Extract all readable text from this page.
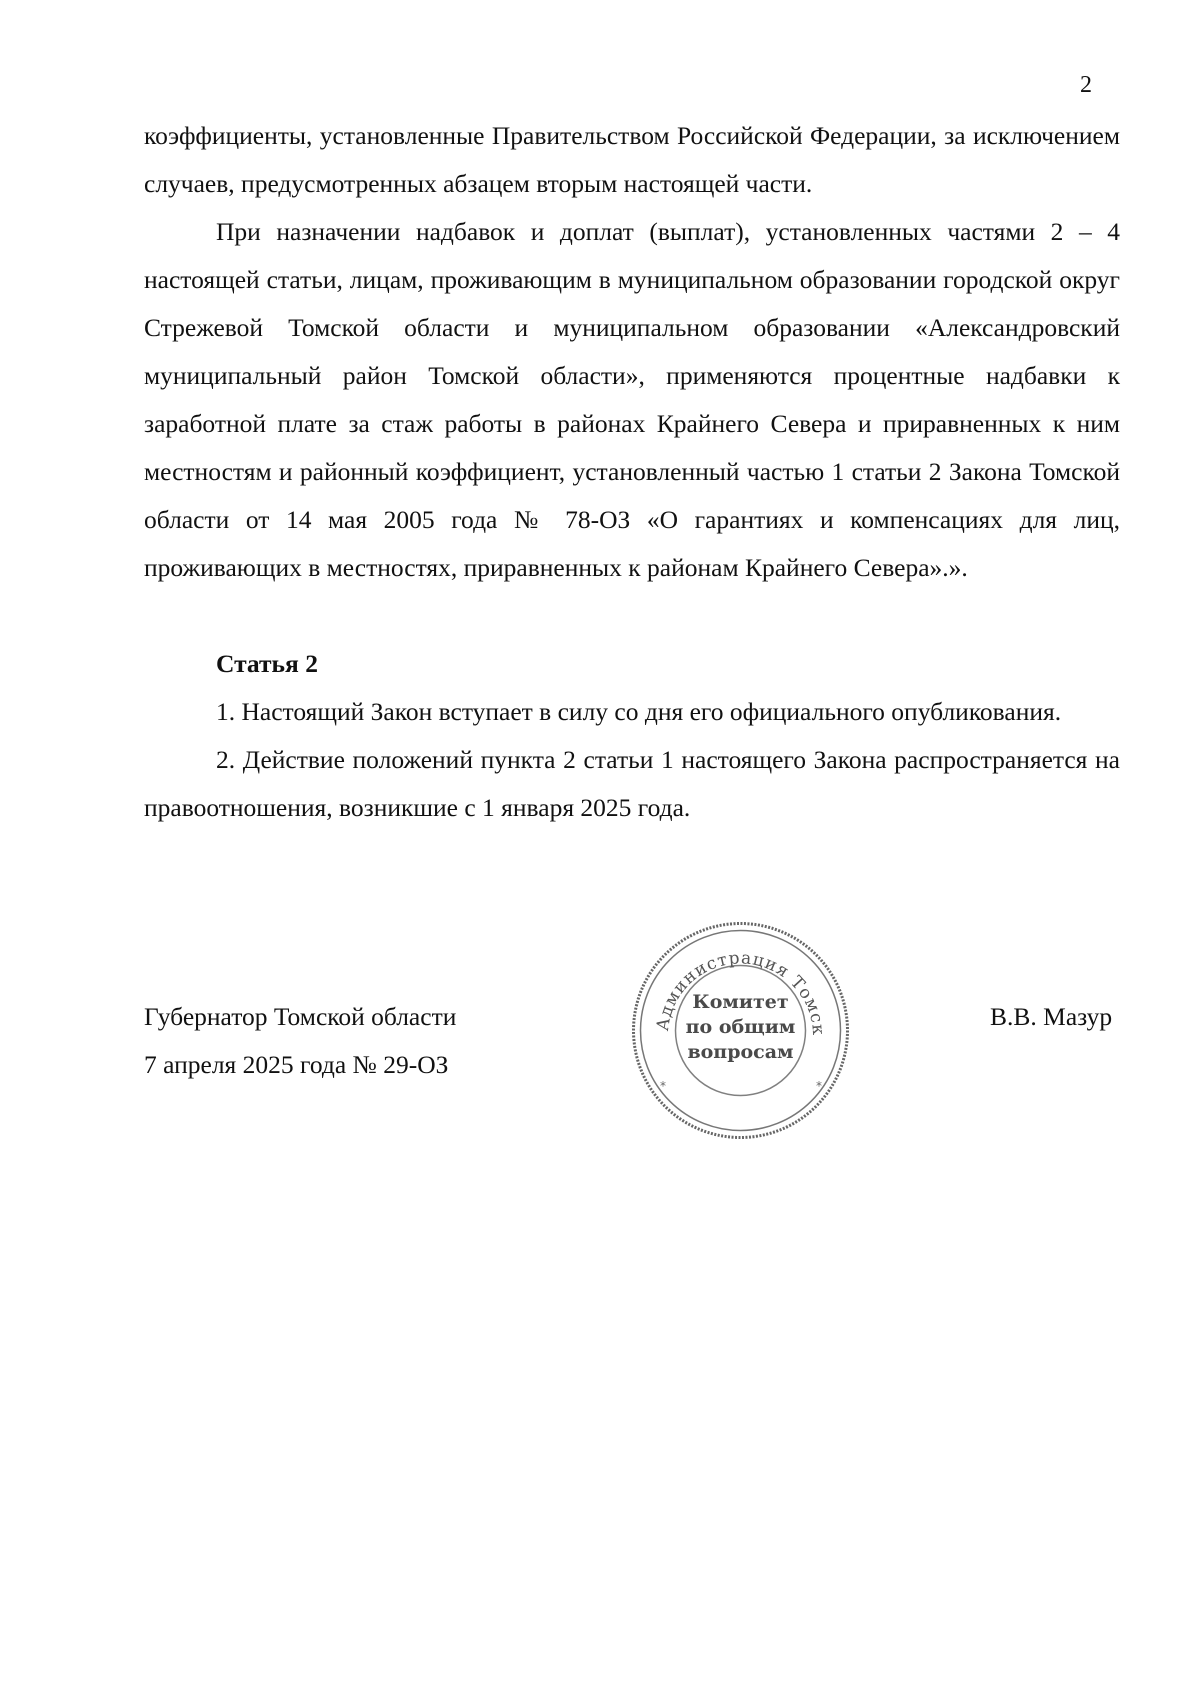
2

коэффициенты, установленные Правительством Российской Федерации, за исключением случаев, предусмотренных абзацем вторым настоящей части.

При назначении надбавок и доплат (выплат), установленных частями 2 – 4 настоящей статьи, лицам, проживающим в муниципальном образовании городской округ Стрежевой Томской области и муниципальном образовании «Александровский муниципальный район Томской области», применяются процентные надбавки к заработной плате за стаж работы в районах Крайнего Севера и приравненных к ним местностям и районный коэффициент, установленный частью 1 статьи 2 Закона Томской области от 14 мая 2005 года № 78-ОЗ «О гарантиях и компенсациях для лиц, проживающих в местностях, приравненных к районам Крайнего Севера».».

Статья 2

1. Настоящий Закон вступает в силу со дня его официального опубликования.

2. Действие положений пункта 2 статьи 1 настоящего Закона распространяется на правоотношения, возникшие с 1 января 2025 года.

Губернатор Томской области
7 апреля 2025 года № 29-ОЗ
В.В. Мазур
Администрация Томск
*	*
Комитет
по общим
вопросам
